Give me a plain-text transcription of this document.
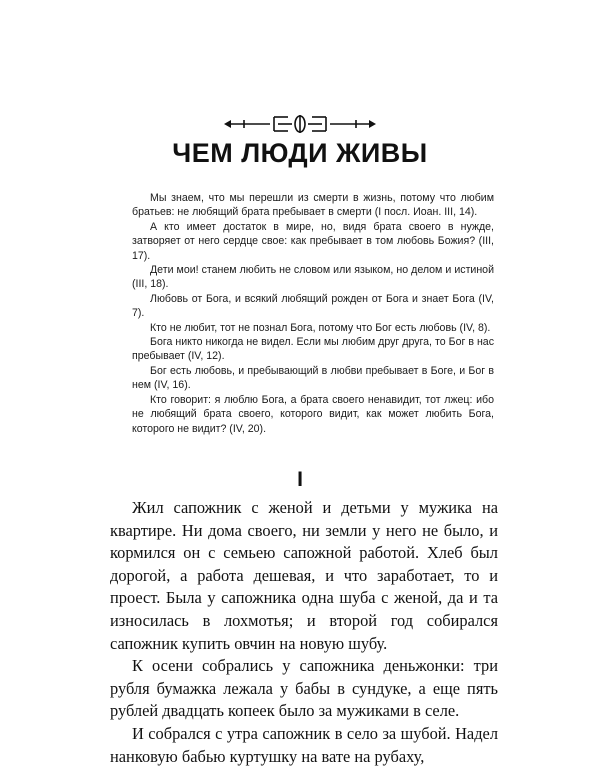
ЧЕМ ЛЮДИ ЖИВЫ

Мы знаем, что мы перешли из смерти в жизнь, потому что любим братьев: не любящий брата пребывает в смерти (I посл. Иоан. III, 14).

А кто имеет достаток в мире, но, видя брата своего в нужде, затворяет от него сердце свое: как пребывает в том любовь Божия? (III, 17).

Дети мои! станем любить не словом или языком, но делом и истиной (III, 18).

Любовь от Бога, и всякий любящий рожден от Бога и знает Бога (IV, 7).

Кто не любит, тот не познал Бога, потому что Бог есть любовь (IV, 8).

Бога никто никогда не видел. Если мы любим друг друга, то Бог в нас пребывает (IV, 12).

Бог есть любовь, и пребывающий в любви пребывает в Боге, и Бог в нем (IV, 16).

Кто говорит: я люблю Бога, а брата своего ненавидит, тот лжец: ибо не любящий брата своего, которого видит, как может любить Бога, которого не видит? (IV, 20).

I

Жил сапожник с женой и детьми у мужика на квартире. Ни дома своего, ни земли у него не было, и кормился он с семьею сапожной работой. Хлеб был дорогой, а работа дешевая, и что заработает, то и проест. Была у сапожника одна шуба с женой, да и та износилась в лохмотья; и второй год собирался сапожник купить овчин на новую шубу.

К осени собрались у сапожника деньжонки: три рубля бумажка лежала у бабы в сундуке, а еще пять рублей двадцать копеек было за мужиками в селе.

И собрался с утра сапожник в село за шубой. Надел нанковую бабью куртушку на вате на рубаху,
